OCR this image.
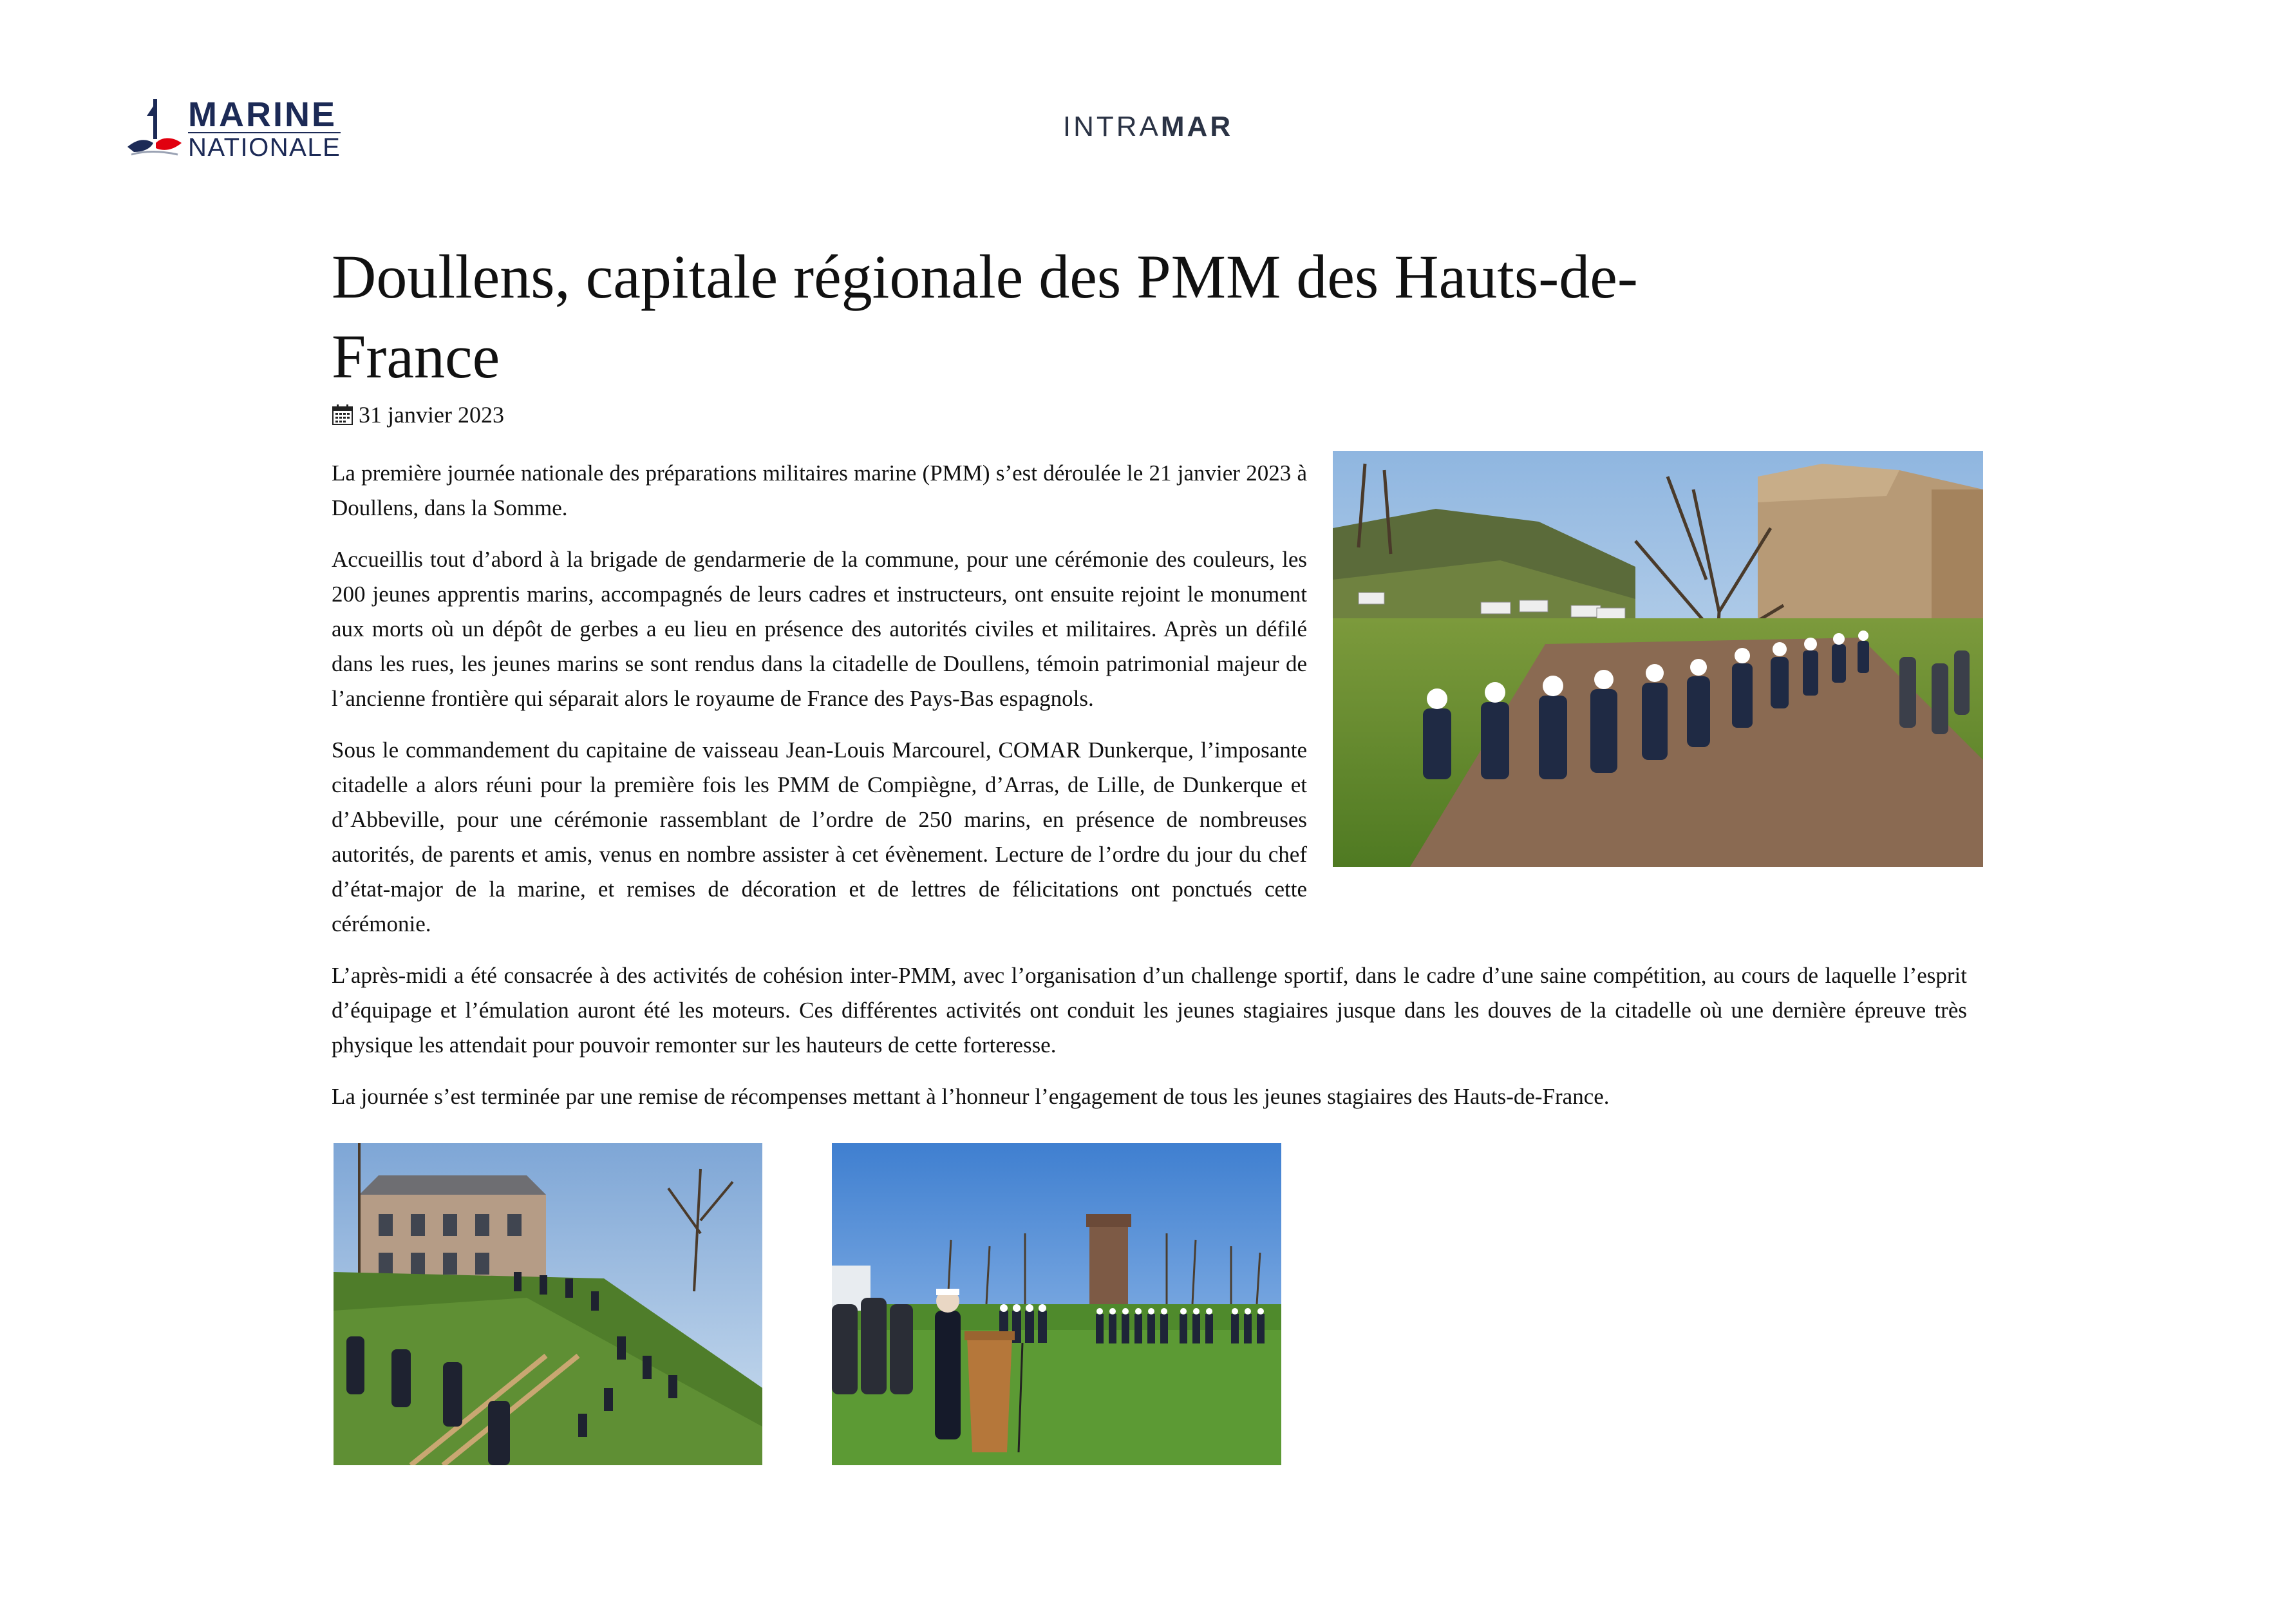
MARINE
NATIONALE
INTRAMAR
Doullens, capitale régionale des PMM des Hauts-de-France
31 janvier 2023

La première journée nationale des préparations militaires marine (PMM) s’est déroulée le 21 janvier 2023 à Doullens, dans la Somme.

Accueillis tout d’abord à la brigade de gendarmerie de la commune, pour une cérémonie des couleurs, les 200 jeunes apprentis marins, accompagnés de leurs cadres et instructeurs, ont ensuite rejoint le monument aux morts où un dépôt de gerbes a eu lieu en présence des autorités civiles et militaires. Après un défilé dans les rues, les jeunes marins se sont rendus dans la citadelle de Doullens, témoin patrimonial majeur de l’ancienne frontière qui séparait alors le royaume de France des Pays-Bas espagnols.

Sous le commandement du capitaine de vaisseau Jean-Louis Marcourel, COMAR Dunkerque, l’imposante citadelle a alors réuni pour la première fois les PMM de Compiègne, d’Arras, de Lille, de Dunkerque et d’Abbeville, pour une cérémonie rassemblant de l’ordre de 250 marins, en présence de nombreuses autorités, de parents et amis, venus en nombre assister à cet évènement. Lecture de l’ordre du jour du chef d’état-major de la marine, et remises de décoration et de lettres de félicitations ont ponctués cette cérémonie.

L’après-midi a été consacrée à des activités de cohésion inter-PMM, avec l’organisation d’un challenge sportif, dans le cadre d’une saine compétition, au cours de laquelle l’esprit d’équipage et l’émulation auront été les moteurs. Ces différentes activités ont conduit les jeunes stagiaires jusque dans les douves de la citadelle où une dernière épreuve très physique les attendait pour pouvoir remonter sur les hauteurs de cette forteresse.

La journée s’est terminée par une remise de récompenses mettant à l’honneur l’engagement de tous les jeunes stagiaires des Hauts-de-France.
